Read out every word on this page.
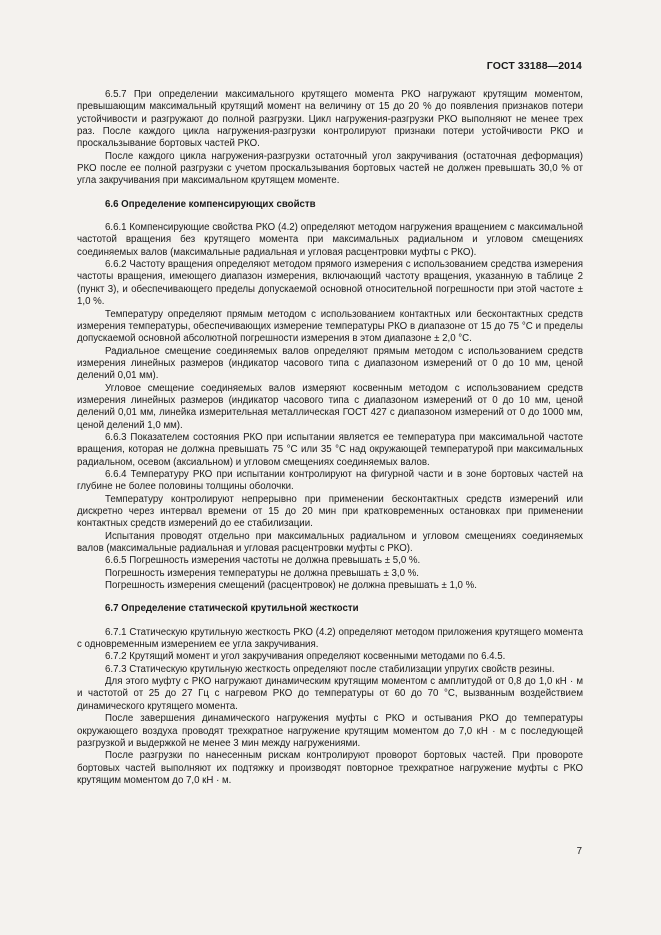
ГОСТ 33188—2014

6.5.7 При определении максимального крутящего момента РКО нагружают крутящим моментом, превышающим максимальный крутящий момент на величину от 15 до 20 % до появления признаков потери устойчивости и разгружают до полной разгрузки. Цикл нагружения-разгрузки РКО выполняют не менее трех раз. После каждого цикла нагружения-разгрузки контролируют признаки потери устойчивости РКО и проскальзывание бортовых частей РКО.

После каждого цикла нагружения-разгрузки остаточный угол закручивания (остаточная деформация) РКО после ее полной разгрузки с учетом проскальзывания бортовых частей не должен превышать 30,0 % от угла закручивания при максимальном крутящем моменте.

6.6 Определение компенсирующих свойств

6.6.1 Компенсирующие свойства РКО (4.2) определяют методом нагружения вращением с максимальной частотой вращения без крутящего момента при максимальных радиальном и угловом смещениях соединяемых валов (максимальные радиальная и угловая расцентровки муфты с РКО).

6.6.2 Частоту вращения определяют методом прямого измерения с использованием средства измерения частоты вращения, имеющего диапазон измерения, включающий частоту вращения, указанную в таблице 2 (пункт 3), и обеспечивающего пределы допускаемой основной относительной погрешности при этой частоте ± 1,0 %.

Температуру определяют прямым методом с использованием контактных или бесконтактных средств измерения температуры, обеспечивающих измерение температуры РКО в диапазоне от 15 до 75 °С и пределы допускаемой основной абсолютной погрешности измерения в этом диапазоне ± 2,0 °С.

Радиальное смещение соединяемых валов определяют прямым методом с использованием средств измерения линейных размеров (индикатор часового типа с диапазоном измерений от 0 до 10 мм, ценой делений 0,01 мм).

Угловое смещение соединяемых валов измеряют косвенным методом с использованием средств измерения линейных размеров (индикатор часового типа с диапазоном измерений от 0 до 10 мм, ценой делений 0,01 мм, линейка измерительная металлическая ГОСТ 427 с диапазоном измерений от 0 до 1000 мм, ценой делений 1,0 мм).

6.6.3 Показателем состояния РКО при испытании является ее температура при максимальной частоте вращения, которая не должна превышать 75 °С или 35 °С над окружающей температурой при максимальных радиальном, осевом (аксиальном) и угловом смещениях соединяемых валов.

6.6.4 Температуру РКО при испытании контролируют на фигурной части и в зоне бортовых частей на глубине не более половины толщины оболочки.

Температуру контролируют непрерывно при применении бесконтактных средств измерений или дискретно через интервал времени от 15 до 20 мин при кратковременных остановках при применении контактных средств измерений до ее стабилизации.

Испытания проводят отдельно при максимальных радиальном и угловом смещениях соединяемых валов (максимальные радиальная и угловая расцентровки муфты с РКО).

6.6.5 Погрешность измерения частоты не должна превышать ± 5,0 %.

Погрешность измерения температуры не должна превышать ± 3,0 %.

Погрешность измерения смещений (расцентровок) не должна превышать ± 1,0 %.

6.7 Определение статической крутильной жесткости

6.7.1 Статическую крутильную жесткость РКО (4.2) определяют методом приложения крутящего момента с одновременным измерением ее угла закручивания.

6.7.2 Крутящий момент и угол закручивания определяют косвенными методами по 6.4.5.

6.7.3 Статическую крутильную жесткость определяют после стабилизации упругих свойств резины.

Для этого муфту с РКО нагружают динамическим крутящим моментом с амплитудой от 0,8 до 1,0 кН · м и частотой от 25 до 27 Гц с нагревом РКО до температуры от 60 до 70 °С, вызванным воздействием динамического крутящего момента.

После завершения динамического нагружения муфты с РКО и остывания РКО до температуры окружающего воздуха проводят трехкратное нагружение крутящим моментом до 7,0 кН · м с последующей разгрузкой и выдержкой не менее 3 мин между нагружениями.

После разгрузки по нанесенным рискам контролируют проворот бортовых частей. При провороте бортовых частей выполняют их подтяжку и производят повторное трехкратное нагружение муфты с РКО крутящим моментом до 7,0 кН · м.

7
